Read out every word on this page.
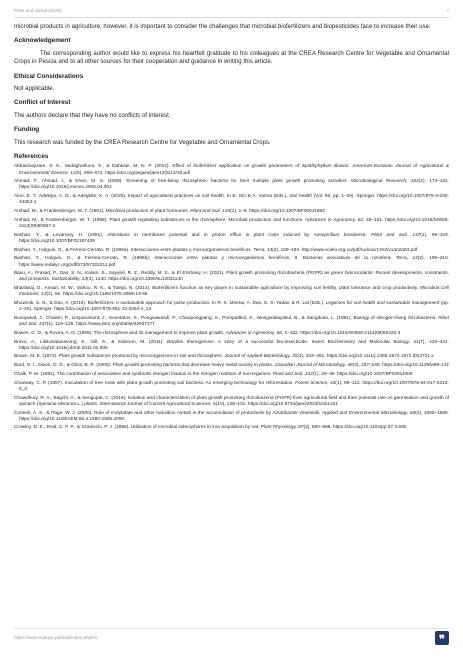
Prisa and Jamal (2025)	7

microbial products in agriculture; however, it is important to consider the challenges that microbial biofertilizers and biopesticides face to increase their use.

Acknowledgement

The corresponding author would like to express his heartfelt gratitude to his colleagues at the CREA Research Centre for Vegetable and Ornamental Crops in Pescia and to all other sources for their cooperation and guidance in writing this article.

Ethical Considerations

Not applicable.

Conflict of Interest

The authors declare that they have no conflicts of interest.

Funding

This research was funded by the CREA Research Centre for Vegetable and Ornamental Crops.

References

Abbasniayzare, S. K., Sedaghathoor, S., & Dahkaei, M. N. P. (2012). Effect of biofertilizer application on growth parameters of Spathiphyllum illusion. American-Eurasian Journal of Agricultural & Environmental Science, 12(5), 669–673. https://doi.org/aejaes/jaes12(5)12/18.pdf
Ahmad, F., Ahmad, I., & Khan, M. S. (2008). Screening of free-living rhizospheric bacteria for their multiple plant growth promoting activities. Microbiological Research, 163(2), 173–181. https://doi.org/10.1016/j.micres.2006.04.001
Alori, E. T., Adekiya, A. O., & Adegbite, K. A. (2020). Impact of agricultural practices on soil health. In B. Giri & A. Varma (Eds.), Soil health (Vol. 59, pp. 1–20). Springer. https://doi.org/10.1007/978-3-030-44364-1
Arshad, M., & Frankenberger, W. T. (1991). Microbial production of plant hormones. Plant and Soil, 133(1), 1–8. https://doi.org/10.1007/BF00011893
Arshad, M., & Frankenberger, W. T. (1998). Plant growth-regulating substances in the rhizosphere: Microbial production and functions. Advances in Agronomy, 62, 45–151. https://doi.org/10.1016/S0065-2113(08)60567-2
Bashan, Y., & Levanony, H. (1991). Alterations in membrane potential and in proton efflux in plant roots induced by Azospirillum brasilense. Plant and Soil, 137(1), 99–103. https://doi.org/10.1007/BF02187439
Bashan, Y., Holguin, G., & Ferrera-Cerrato, R. (1996a). Interacciones entre plantas y microorganismos benéficos. Terra, 14(2), 159–194. http://www.scielo.org.co/pdf/rudca/v14n2/v14n2a03.pdf
Bashan, Y., Holguin, G., & Ferrera-Cerrato, R. (1996b). Interacciones entre plantas y microorganismos benéficos. II. Bacterias asociativas de la rizosfera. Terra, 14(2), 195–210. https://www.redalyc.org/pdf/573/57322211.pdf
Basu, A., Prasad, P., Das, S. N., Kalam, S., Sayyed, R. Z., Reddy, M. S., & El Enshasy, H. (2021). Plant growth promoting rhizobacteria (PGPR) as green bioinoculants: Recent developments, constraints, and prospects. Sustainability, 13(3), 1140. https://doi.org/10.3390/su13031140
Bhardwaj, D., Ansari, M. W., Sahoo, R. K., & Tuteja, N. (2014). Biofertilizers function as key player in sustainable agriculture by improving soil fertility, plant tolerance and crop productivity. Microbial Cell Factories, 13(1), 66. https://doi.org/10.1186/1475-2859-13-66
Bhowmik, S. N., & Das, A. (2018). Biofertilizers: A sustainable approach for pulse production. In R. S. Meena, A. Das, G. S. Yadav, & R. Lal (Eds.), Legumes for soil health and sustainable management (pp. 1–20). Springer. https://doi.org/10.1007/978-981-13-0253-4_14
Boonjawat, J., Chaisiri, P., Limpananont, J., Soontaros, S., Pongsawasdi, P., Chaopongpang, S., Pornputtkul, S., Wongwaitayakul, B., & Sangduan, L. (1991). Biology of nitrogen-fixing rhizobacteria. Plant and Soil, 137(1), 119–125. https://www.jstor.org/stable/42937177
Bowen, G. D., & Rovira, A. D. (1999). The rhizosphere and its management to improve plant growth. Advances in Agronomy, 66, 1–102. https://doi.org/10.1016/S0065-2113(08)60425-3
Bravo, A., Likitvivatanavong, S., Gill, S., & Soberon, M. (2011). Bacillus thuringiensis: A story of a successful bio-insecticide. Insect Biochemistry and Molecular Biology, 41(7), 423–431. https://doi.org/10.1016/j.ibmb.2011.02.006
Brown, M. E. (1972). Plant growth substances produced by microorganisms in soil and rhizosphere. Journal of Applied Bacteriology, 35(3), 443–451. https://doi.org/10.1111/j.1365-2672.1972.tb03721.x
Burd, G. I., Dixon, D. G., & Glick, B. R. (2000). Plant growth-promoting bacteria that decrease heavy metal toxicity in plants. Canadian Journal of Microbiology, 46(3), 237–245. https://doi.org/10.1139/w99-143
Chalk, P. M. (1991). The contribution of associative and symbiotic nitrogen fixation to the nitrogen nutrition of non-legumes. Plant and Soil, 132(1), 29–39. https://doi.org/10.1007/BF00011009
Chanway, C. P. (1997). Inoculation of tree roots with plant growth promoting soil bacteria: An emerging technology for reforestation. Forest Science, 43(1), 99–112. https://doi.org/10.1007/978-94-017-2313-8_3
Chowdhury, R. A., Bagchi, A., & Sengupta, C. (2016). Isolation and characterization of plant growth promoting rhizobacteria (PGPR) from agricultural field and their potential role on germination and growth of spinach (Spinacia oleracea L.) plants. International Journal of Current Agricultural Sciences, 6(10), 128–131. https://doi.org/10.9734/jaeri/2023/v22i1431
Cornish, A. S., & Page, W. J. (2000). Role of molybdate and other transition metals in the accumulation of protochelin by Azotobacter vinelandii. Applied and Environmental Microbiology, 66(4), 1580–1586. https://doi.org/10.1128/AEM.66.4.1580-1586.2000
Crowley, D. E., Reid, C. P. P., & Szaniszlo, P. J. (1988). Utilization of microbial siderophores in iron acquisition by oat. Plant Physiology, 87(3), 680–685. https://doi.org/10.1104/pp.87.3.680
https://www.malque.pub/ojs/index.php/mr	❞
